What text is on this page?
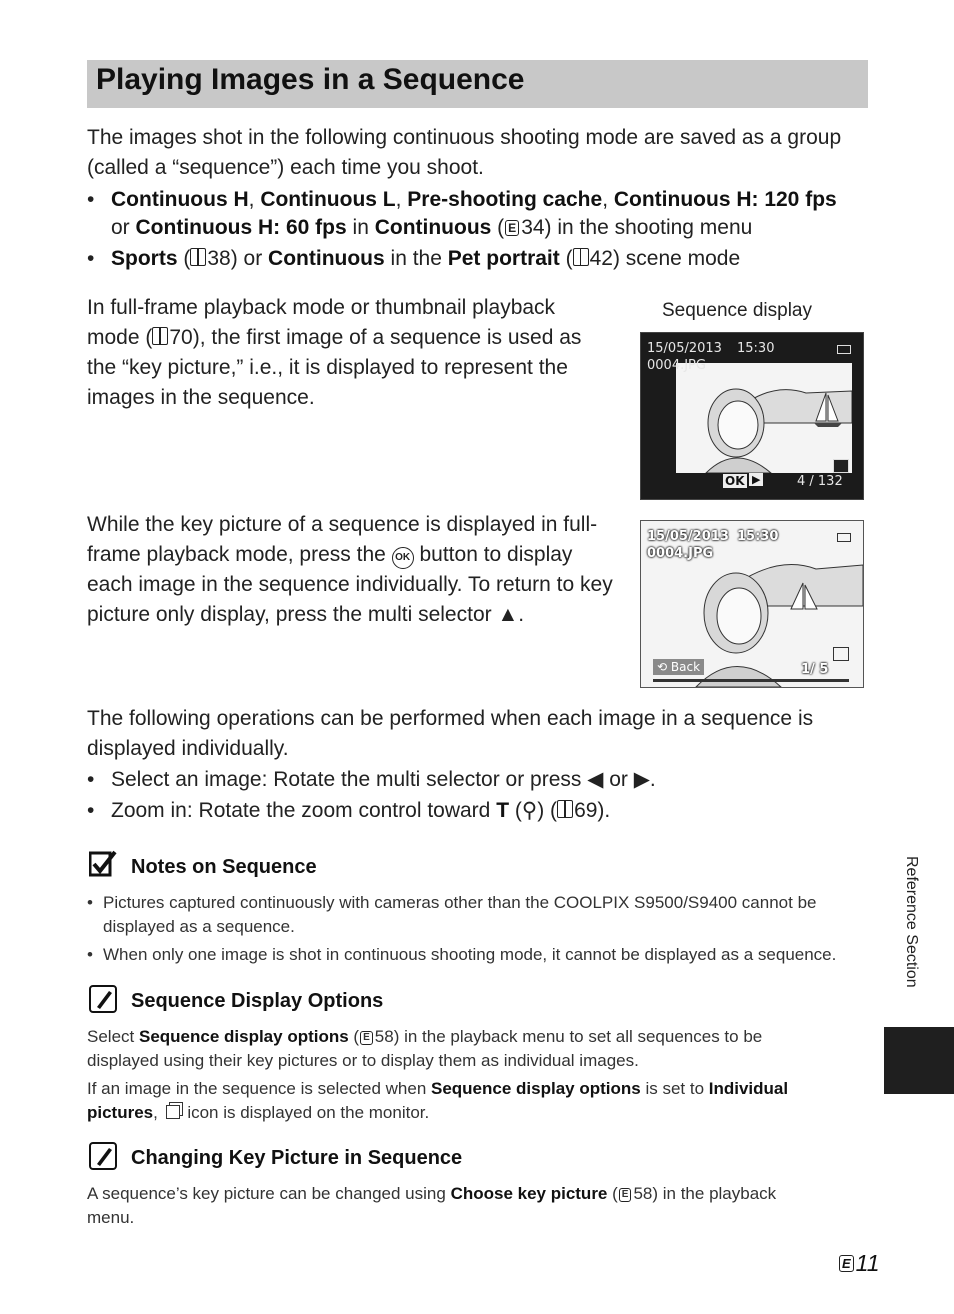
Playing Images in a Sequence
The images shot in the following continuous shooting mode are saved as a group
(called a “sequence”) each time you shoot.
• Continuous H, Continuous L, Pre-shooting cache, Continuous H: 120 fps
or Continuous H: 60 fps in Continuous ( E 34) in the shooting menu
• Sports ( 38) or Continuous in the Pet portrait ( 42) scene mode
In full-frame playback mode or thumbnail playback
mode ( 70), the first image of a sequence is used as
the “key picture,” i.e., it is displayed to represent the
images in the sequence.
Sequence display
15/05/2013 15:30
0004.JPG
OK ▶	4 / 132
While the key picture of a sequence is displayed in full-
frame playback mode, press the OK button to display
each image in the sequence individually. To return to key
picture only display, press the multi selector ▲.
15/05/2013 15:30
0004.JPG
⟲ Back	1/ 5
The following operations can be performed when each image in a sequence is
displayed individually.
• Select an image: Rotate the multi selector or press ◀ or ▶.
• Zoom in: Rotate the zoom control toward T (⚲) ( 69).
Notes on Sequence
• Pictures captured continuously with cameras other than the COOLPIX S9500/S9400 cannot be
displayed as a sequence.
• When only one image is shot in continuous shooting mode, it cannot be displayed as a sequence.
Sequence Display Options
Select Sequence display options ( E 58) in the playback menu to set all sequences to be
displayed using their key pictures or to display them as individual images.
If an image in the sequence is selected when Sequence display options is set to Individual
pictures,  icon is displayed on the monitor.
Changing Key Picture in Sequence
A sequence’s key picture can be changed using Choose key picture ( E 58) in the playback
menu.
Reference Section
E 11
